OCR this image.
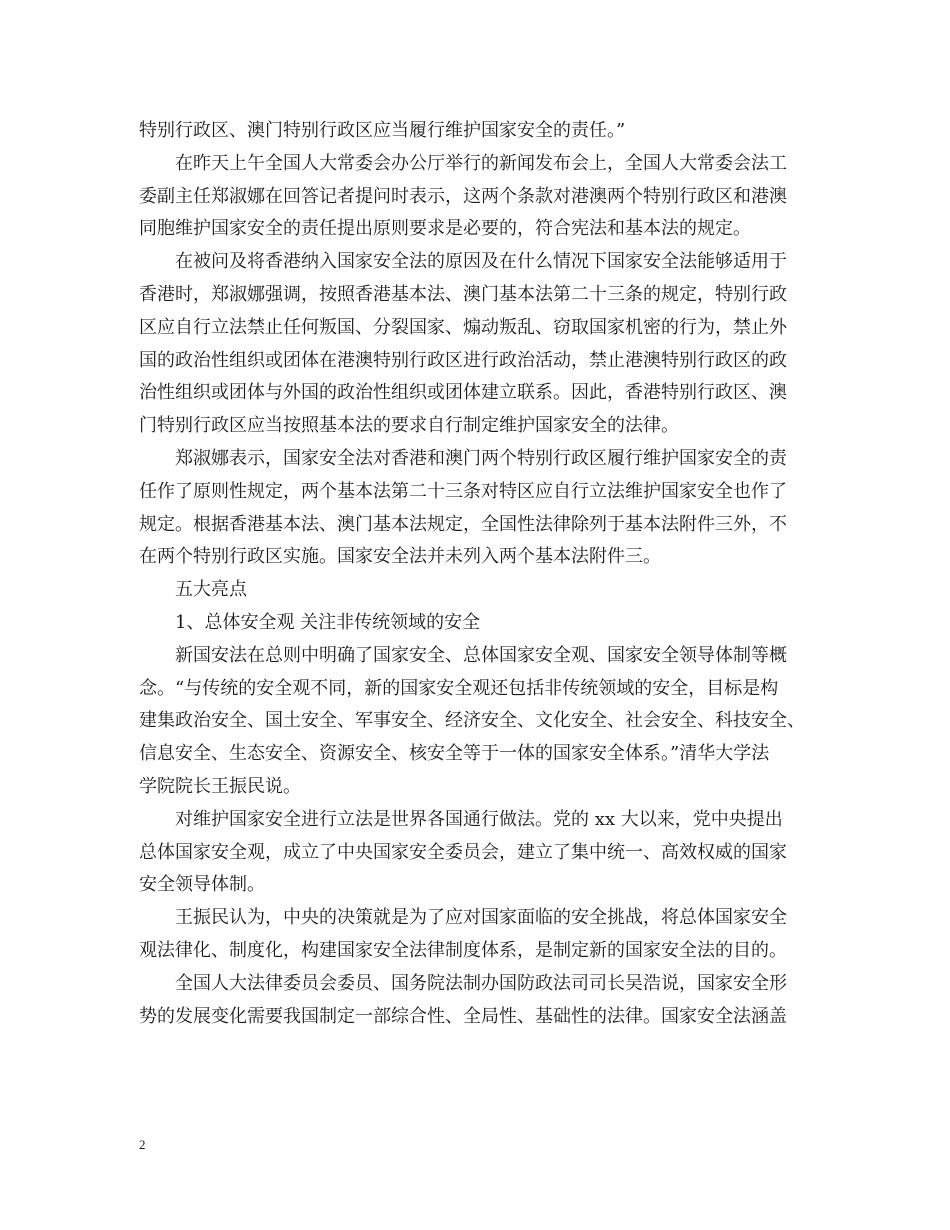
特别行政区、澳门特别行政区应当履行维护国家安全的责任。”
在昨天上午全国人大常委会办公厅举行的新闻发布会上，全国人大常委会法工
委副主任郑淑娜在回答记者提问时表示，这两个条款对港澳两个特别行政区和港澳
同胞维护国家安全的责任提出原则要求是必要的，符合宪法和基本法的规定。
在被问及将香港纳入国家安全法的原因及在什么情况下国家安全法能够适用于
香港时，郑淑娜强调，按照香港基本法、澳门基本法第二十三条的规定，特别行政
区应自行立法禁止任何叛国、分裂国家、煽动叛乱、窃取国家机密的行为，禁止外
国的政治性组织或团体在港澳特别行政区进行政治活动，禁止港澳特别行政区的政
治性组织或团体与外国的政治性组织或团体建立联系。因此，香港特别行政区、澳
门特别行政区应当按照基本法的要求自行制定维护国家安全的法律。
郑淑娜表示，国家安全法对香港和澳门两个特别行政区履行维护国家安全的责
任作了原则性规定，两个基本法第二十三条对特区应自行立法维护国家安全也作了
规定。根据香港基本法、澳门基本法规定，全国性法律除列于基本法附件三外，不
在两个特别行政区实施。国家安全法并未列入两个基本法附件三。
五大亮点
1、总体安全观 关注非传统领域的安全
新国安法在总则中明确了国家安全、总体国家安全观、国家安全领导体制等概
念。“与传统的安全观不同，新的国家安全观还包括非传统领域的安全，目标是构
建集政治安全、国土安全、军事安全、经济安全、文化安全、社会安全、科技安全、
信息安全、生态安全、资源安全、核安全等于一体的国家安全体系。”清华大学法
学院院长王振民说。
对维护国家安全进行立法是世界各国通行做法。党的 xx 大以来，党中央提出
总体国家安全观，成立了中央国家安全委员会，建立了集中统一、高效权威的国家
安全领导体制。
王振民认为，中央的决策就是为了应对国家面临的安全挑战，将总体国家安全
观法律化、制度化，构建国家安全法律制度体系，是制定新的国家安全法的目的。
全国人大法律委员会委员、国务院法制办国防政法司司长吴浩说，国家安全形
势的发展变化需要我国制定一部综合性、全局性、基础性的法律。国家安全法涵盖
2
